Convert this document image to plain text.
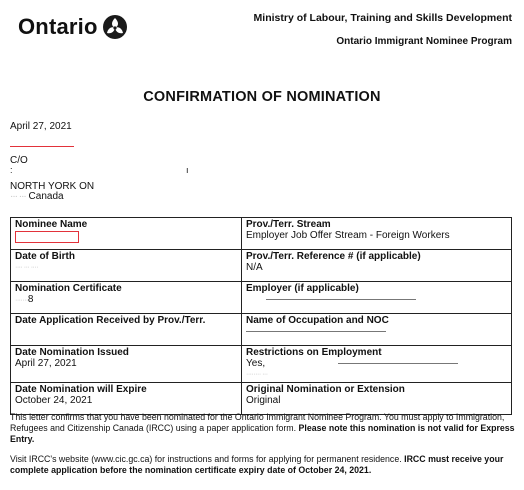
Ontario	Ministry of Labour, Training and Skills Development
Ontario Immigrant Nominee Program
CONFIRMATION OF NOMINATION
April 27, 2021
C/O
:	ı
NORTH YORK ON
··· ··· Canada
Nominee Name	Prov./Terr. Stream
Employer Job Offer Stream - Foreign Workers

Date of Birth
···· ··· ····	Prov./Terr. Reference # (if applicable)
N/A

Nomination Certificate
·······8	Employer (if applicable)

Date Application Received by Prov./Terr.	Name of Occupation and NOC

Date Nomination Issued
April 27, 2021	Restrictions on Employment
Yes,
········ ···

Date Nomination will Expire
October 24, 2021	Original Nomination or Extension
Original
This letter confirms that you have been nominated for the Ontario Immigrant Nominee Program. You must apply to Immigration, Refugees and Citizenship Canada (IRCC) using a paper application form. Please note this nomination is not valid for Express Entry.
Visit IRCC's website (www.cic.gc.ca) for instructions and forms for applying for permanent residence. IRCC must receive your complete application before the nomination certificate expiry date of October 24, 2021.
